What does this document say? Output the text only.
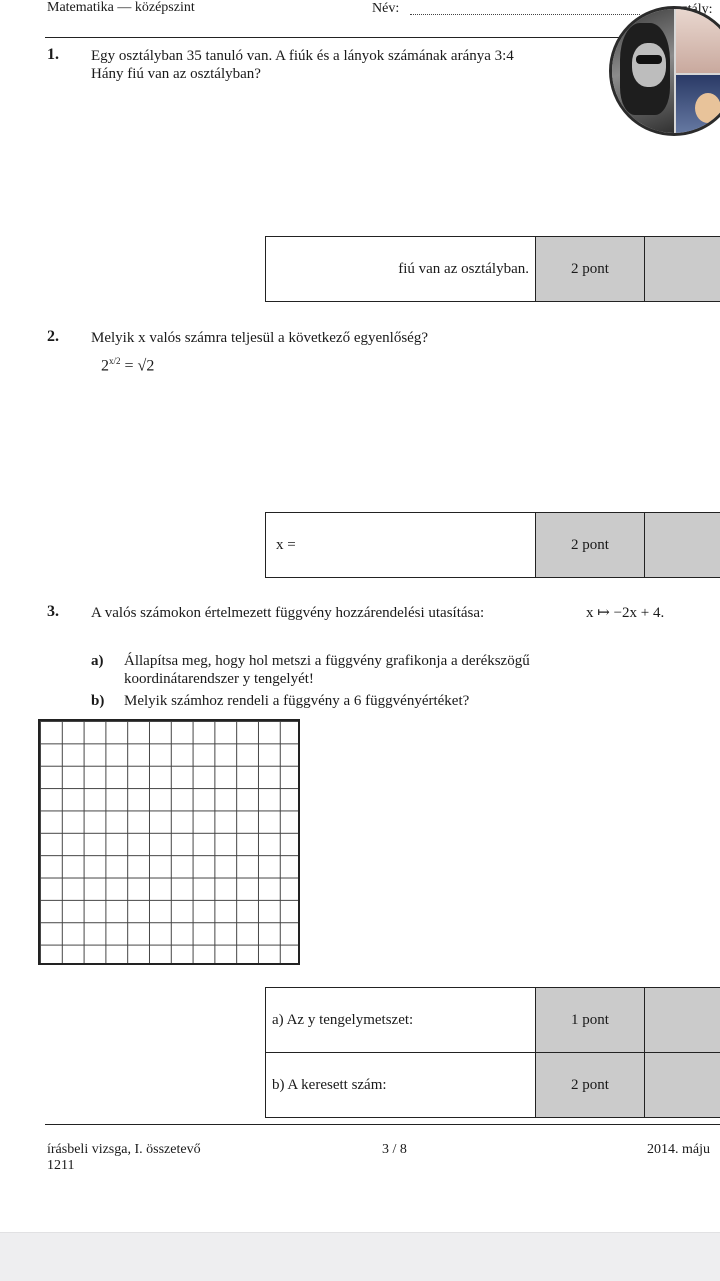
Matematika — középszint	Név:
1. Egy osztályban 35 tanuló van. A fiúk és a lányok számának aránya 3:4
Hány fiú van az osztályban?
fiú van az osztályban.	2 pont
2. Melyik x valós számra teljesül a következő egyenlőség?
$2^{x/2} = √2$
x =	2 pont
3. A valós számokon értelmezett függvény hozzárendelési utasítása:	x ↦ −2x + 4.
a) Állapítsa meg, hogy hol metszi a függvény grafikonja a derékszögű
koordinátarendszer y tengelyét!
b) Melyik számhoz rendeli a függvény a 6 függvényértéket?
a) Az y tengelymetszet:	1 pont
b) A keresett szám:	2 pont
írásbeli vizsga, I. összetevő
1211
3 / 8	2014. máju
